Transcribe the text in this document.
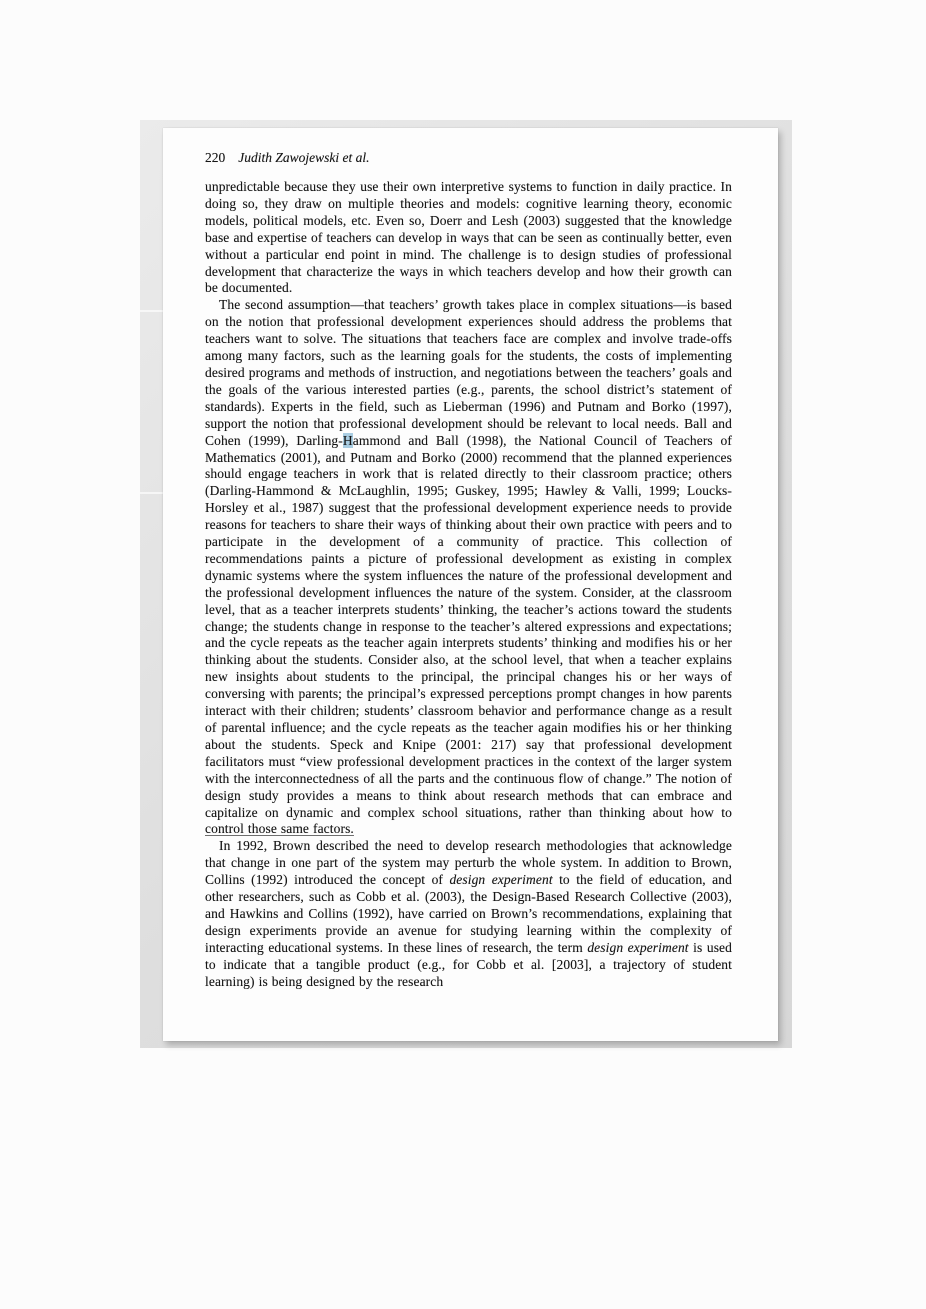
220 Judith Zawojewski et al.

unpredictable because they use their own interpretive systems to function in daily practice. In doing so, they draw on multiple theories and models: cognitive learning theory, economic models, political models, etc. Even so, Doerr and Lesh (2003) suggested that the knowledge base and expertise of teachers can develop in ways that can be seen as continually better, even without a particular end point in mind. The challenge is to design studies of professional development that characterize the ways in which teachers develop and how their growth can be documented.

The second assumption—that teachers’ growth takes place in complex situations—is based on the notion that professional development experiences should address the problems that teachers want to solve. The situations that teachers face are complex and involve trade-offs among many factors, such as the learning goals for the students, the costs of implementing desired programs and methods of instruction, and negotiations between the teachers’ goals and the goals of the various interested parties (e.g., parents, the school district’s statement of standards). Experts in the field, such as Lieberman (1996) and Putnam and Borko (1997), support the notion that professional development should be relevant to local needs. Ball and Cohen (1999), Darling-Hammond and Ball (1998), the National Council of Teachers of Mathematics (2001), and Putnam and Borko (2000) recommend that the planned experiences should engage teachers in work that is related directly to their classroom practice; others (Darling-Hammond & McLaughlin, 1995; Guskey, 1995; Hawley & Valli, 1999; Loucks-Horsley et al., 1987) suggest that the professional development experience needs to provide reasons for teachers to share their ways of thinking about their own practice with peers and to participate in the development of a community of practice. This collection of recommendations paints a picture of professional development as existing in complex dynamic systems where the system influences the nature of the professional development and the professional development influences the nature of the system. Consider, at the classroom level, that as a teacher interprets students’ thinking, the teacher’s actions toward the students change; the students change in response to the teacher’s altered expressions and expectations; and the cycle repeats as the teacher again interprets students’ thinking and modifies his or her thinking about the students. Consider also, at the school level, that when a teacher explains new insights about students to the principal, the principal changes his or her ways of conversing with parents; the principal’s expressed perceptions prompt changes in how parents interact with their children; students’ classroom behavior and performance change as a result of parental influence; and the cycle repeats as the teacher again modifies his or her thinking about the students. Speck and Knipe (2001: 217) say that professional development facilitators must “view professional development practices in the context of the larger system with the interconnectedness of all the parts and the continuous flow of change.” The notion of design study provides a means to think about research methods that can embrace and capitalize on dynamic and complex school situations, rather than thinking about how to control those same factors.

In 1992, Brown described the need to develop research methodologies that acknowledge that change in one part of the system may perturb the whole system. In addition to Brown, Collins (1992) introduced the concept of design experiment to the field of education, and other researchers, such as Cobb et al. (2003), the Design-Based Research Collective (2003), and Hawkins and Collins (1992), have carried on Brown’s recommendations, explaining that design experiments provide an avenue for studying learning within the complexity of interacting educational systems. In these lines of research, the term design experiment is used to indicate that a tangible product (e.g., for Cobb et al. [2003], a trajectory of student learning) is being designed by the research
